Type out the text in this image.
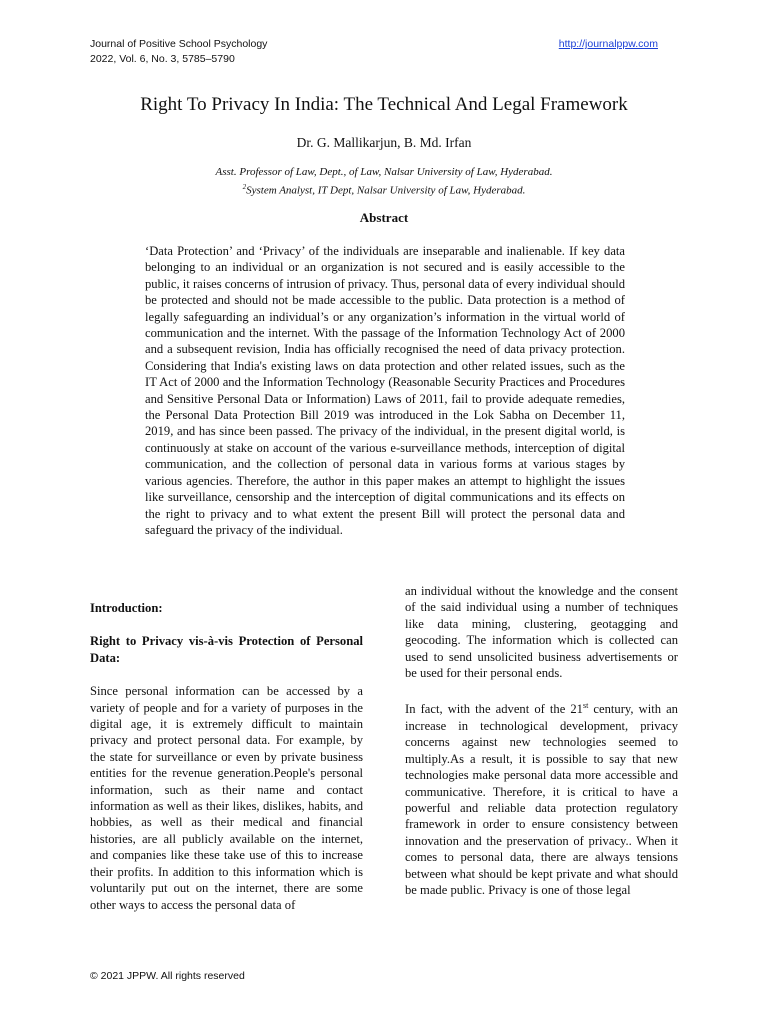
Journal of Positive School Psychology
2022, Vol. 6, No. 3, 5785–5790
http://journalppw.com
Right To Privacy In India: The Technical And Legal Framework
Dr. G. Mallikarjun, B. Md. Irfan
Asst. Professor of Law, Dept., of Law, Nalsar University of Law, Hyderabad.
$^2$System Analyst, IT Dept, Nalsar University of Law, Hyderabad.
Abstract
‘Data Protection’ and ‘Privacy’ of the individuals are inseparable and inalienable. If key data belonging to an individual or an organization is not secured and is easily accessible to the public, it raises concerns of intrusion of privacy. Thus, personal data of every individual should be protected and should not be made accessible to the public. Data protection is a method of legally safeguarding an individual’s or any organization’s information in the virtual world of communication and the internet. With the passage of the Information Technology Act of 2000 and a subsequent revision, India has officially recognised the need of data privacy protection. Considering that India's existing laws on data protection and other related issues, such as the IT Act of 2000 and the Information Technology (Reasonable Security Practices and Procedures and Sensitive Personal Data or Information) Laws of 2011, fail to provide adequate remedies, the Personal Data Protection Bill 2019 was introduced in the Lok Sabha on December 11, 2019, and has since been passed. The privacy of the individual, in the present digital world, is continuously at stake on account of the various e-surveillance methods, interception of digital communication, and the collection of personal data in various forms at various stages by various agencies. Therefore, the author in this paper makes an attempt to highlight the issues like surveillance, censorship and the interception of digital communications and its effects on the right to privacy and to what extent the present Bill will protect the personal data and safeguard the privacy of the individual.
Introduction:
Right to Privacy vis-à-vis Protection of Personal Data:

Since personal information can be accessed by a variety of people and for a variety of purposes in the digital age, it is extremely difficult to maintain privacy and protect personal data. For example, by the state for surveillance or even by private business entities for the revenue generation.People's personal information, such as their name and contact information as well as their likes, dislikes, habits, and hobbies, as well as their medical and financial histories, are all publicly available on the internet, and companies like these take use of this to increase their profits. In addition to this information which is voluntarily put out on the internet, there are some other ways to access the personal data of

an individual without the knowledge and the consent of the said individual using a number of techniques like data mining, clustering, geotagging and geocoding. The information which is collected can used to send unsolicited business advertisements or be used for their personal ends.

In fact, with the advent of the 21st century, with an increase in technological development, privacy concerns against new technologies seemed to multiply.As a result, it is possible to say that new technologies make personal data more accessible and communicative. Therefore, it is critical to have a powerful and reliable data protection regulatory framework in order to ensure consistency between innovation and the preservation of privacy.. When it comes to personal data, there are always tensions between what should be kept private and what should be made public. Privacy is one of those legal

© 2021 JPPW. All rights reserved
